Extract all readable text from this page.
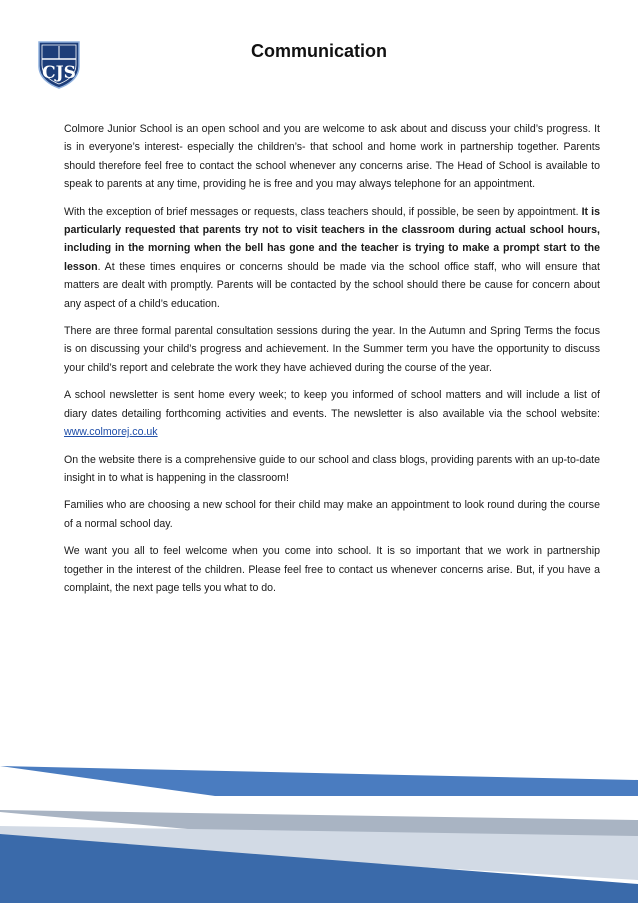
CJS
Communication

Colmore Junior School is an open school and you are welcome to ask about and discuss your child’s progress. It is in everyone’s interest- especially the children’s- that school and home work in partnership together. Parents should therefore feel free to contact the school whenever any concerns arise. The Head of School is available to speak to parents at any time, providing he is free and you may always telephone for an appointment.

With the exception of brief messages or requests, class teachers should, if possible, be seen by appointment. It is particularly requested that parents try not to visit teachers in the classroom during actual school hours, including in the morning when the bell has gone and the teacher is trying to make a prompt start to the lesson. At these times enquires or concerns should be made via the school office staff, who will ensure that matters are dealt with promptly. Parents will be contacted by the school should there be cause for concern about any aspect of a child’s education.

There are three formal parental consultation sessions during the year. In the Autumn and Spring Terms the focus is on discussing your child’s progress and achievement. In the Summer term you have the opportunity to discuss your child’s report and celebrate the work they have achieved during the course of the year.

A school newsletter is sent home every week; to keep you informed of school matters and will include a list of diary dates detailing forthcoming activities and events. The newsletter is also available via the school website: www.colmorej.co.uk

On the website there is a comprehensive guide to our school and class blogs, providing parents with an up-to-date insight in to what is happening in the classroom!

Families who are choosing a new school for their child may make an appointment to look round during the course of a normal school day.

We want you all to feel welcome when you come into school. It is so important that we work in partnership together in the interest of the children. Please feel free to contact us whenever concerns arise. But, if you have a complaint, the next page tells you what to do.
